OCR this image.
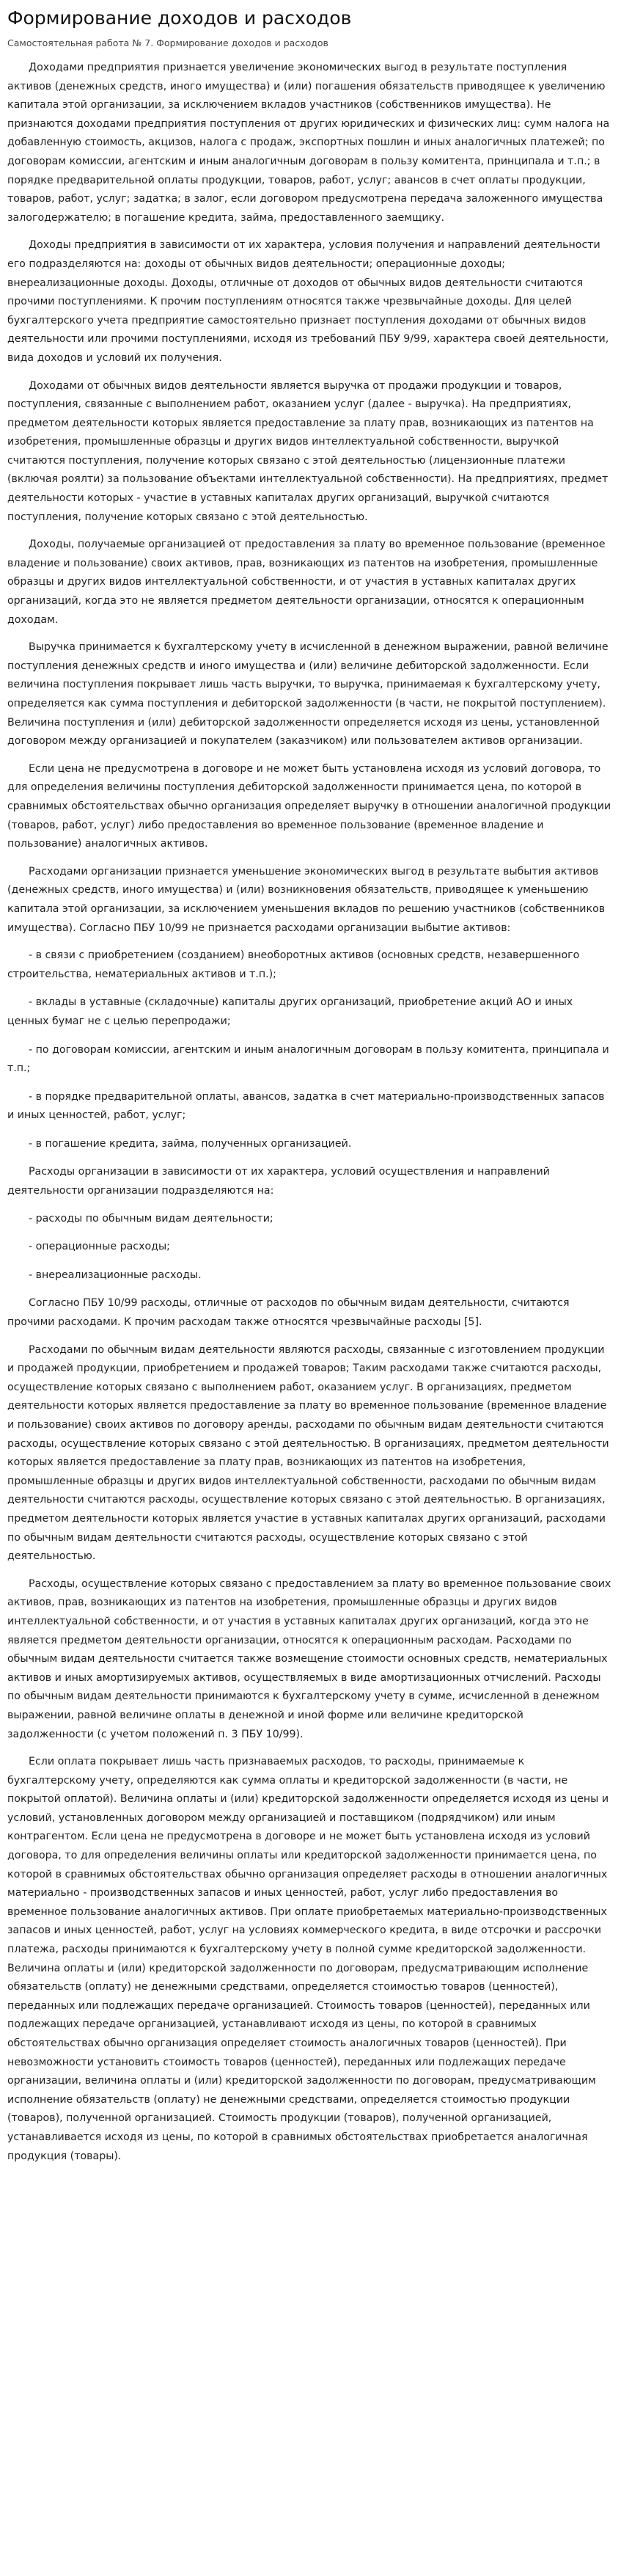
Формирование доходов и расходов
Самостоятельная работа № 7. Формирование доходов и расходов

Доходами предприятия признается увеличение экономических выгод в результате поступления активов (денежных средств, иного имущества) и (или) погашения обязательств приводящее к увеличению капитала этой организации, за исключением вкладов участников (собственников имущества). Не признаются доходами предприятия поступления от других юридических и физических лиц: сумм налога на добавленную стоимость, акцизов, налога с продаж, экспортных пошлин и иных аналогичных платежей; по договорам комиссии, агентским и иным аналогичным договорам в пользу комитента, принципала и т.п.; в порядке предварительной оплаты продукции, товаров, работ, услуг; авансов в счет оплаты продукции, товаров, работ, услуг; задатка; в залог, если договором предусмотрена передача заложенного имущества залогодержателю; в погашение кредита, займа, предоставленного заемщику.

Доходы предприятия в зависимости от их характера, условия получения и направлений деятельности его подразделяются на: доходы от обычных видов деятельности; операционные доходы; внереализационные доходы. Доходы, отличные от доходов от обычных видов деятельности считаются прочими поступлениями. К прочим поступлениям относятся также чрезвычайные доходы. Для целей бухгалтерского учета предприятие самостоятельно признает поступления доходами от обычных видов деятельности или прочими поступлениями, исходя из требований ПБУ 9/99, характера своей деятельности, вида доходов и условий их получения.

Доходами от обычных видов деятельности является выручка от продажи продукции и товаров, поступления, связанные с выполнением работ, оказанием услуг (далее - выручка). На предприятиях, предметом деятельности которых является предоставление за плату прав, возникающих из патентов на изобретения, промышленные образцы и других видов интеллектуальной собственности, выручкой считаются поступления, получение которых связано с этой деятельностью (лицензионные платежи (включая роялти) за пользование объектами интеллектуальной собственности). На предприятиях, предмет деятельности которых - участие в уставных капиталах других организаций, выручкой считаются поступления, получение которых связано с этой деятельностью.

Доходы, получаемые организацией от предоставления за плату во временное пользование (временное владение и пользование) своих активов, прав, возникающих из патентов на изобретения, промышленные образцы и других видов интеллектуальной собственности, и от участия в уставных капиталах других организаций, когда это не является предметом деятельности организации, относятся к операционным доходам.

Выручка принимается к бухгалтерскому учету в исчисленной в денежном выражении, равной величине поступления денежных средств и иного имущества и (или) величине дебиторской задолженности. Если величина поступления покрывает лишь часть выручки, то выручка, принимаемая к бухгалтерскому учету, определяется как сумма поступления и дебиторской задолженности (в части, не покрытой поступлением). Величина поступления и (или) дебиторской задолженности определяется исходя из цены, установленной договором между организацией и покупателем (заказчиком) или пользователем активов организации.

Если цена не предусмотрена в договоре и не может быть установлена исходя из условий договора, то для определения величины поступления дебиторской задолженности принимается цена, по которой в сравнимых обстоятельствах обычно организация определяет выручку в отношении аналогичной продукции (товаров, работ, услуг) либо предоставления во временное пользование (временное владение и пользование) аналогичных активов.

Расходами организации признается уменьшение экономических выгод в результате выбытия активов (денежных средств, иного имущества) и (или) возникновения обязательств, приводящее к уменьшению капитала этой организации, за исключением уменьшения вкладов по решению участников (собственников имущества). Согласно ПБУ 10/99 не признается расходами организации выбытие активов:

- в связи с приобретением (созданием) внеоборотных активов (основных средств, незавершенного строительства, нематериальных активов и т.п.);

- вклады в уставные (складочные) капиталы других организаций, приобретение акций АО и иных ценных бумаг не с целью перепродажи;

- по договорам комиссии, агентским и иным аналогичным договорам в пользу комитента, принципала и т.п.;

- в порядке предварительной оплаты, авансов, задатка в счет материально-производственных запасов и иных ценностей, работ, услуг;

- в погашение кредита, займа, полученных организацией.

Расходы организации в зависимости от их характера, условий осуществления и направлений деятельности организации подразделяются на:

- расходы по обычным видам деятельности;

- операционные расходы;

- внереализационные расходы.

Согласно ПБУ 10/99 расходы, отличные от расходов по обычным видам деятельности, считаются прочими расходами. К прочим расходам также относятся чрезвычайные расходы [5].

Расходами по обычным видам деятельности являются расходы, связанные с изготовлением продукции и продажей продукции, приобретением и продажей товаров; Таким расходами также считаются расходы, осуществление которых связано с выполнением работ, оказанием услуг. В организациях, предметом деятельности которых является предоставление за плату во временное пользование (временное владение и пользование) своих активов по договору аренды, расходами по обычным видам деятельности считаются расходы, осуществление которых связано с этой деятельностью. В организациях, предметом деятельности которых является предоставление за плату прав, возникающих из патентов на изобретения, промышленные образцы и других видов интеллектуальной собственности, расходами по обычным видам деятельности считаются расходы, осуществление которых связано с этой деятельностью. В организациях, предметом деятельности которых является участие в уставных капиталах других организаций, расходами по обычным видам деятельности считаются расходы, осуществление которых связано с этой деятельностью.

Расходы, осуществление которых связано с предоставлением за плату во временное пользование своих активов, прав, возникающих из патентов на изобретения, промышленные образцы и других видов интеллектуальной собственности, и от участия в уставных капиталах других организаций, когда это не является предметом деятельности организации, относятся к операционным расходам. Расходами по обычным видам деятельности считается также возмещение стоимости основных средств, нематериальных активов и иных амортизируемых активов, осуществляемых в виде амортизационных отчислений. Расходы по обычным видам деятельности принимаются к бухгалтерскому учету в сумме, исчисленной в денежном выражении, равной величине оплаты в денежной и иной форме или величине кредиторской задолженности (с учетом положений п. 3 ПБУ 10/99).

Если оплата покрывает лишь часть признаваемых расходов, то расходы, принимаемые к бухгалтерскому учету, определяются как сумма оплаты и кредиторской задолженности (в части, не покрытой оплатой). Величина оплаты и (или) кредиторской задолженности определяется исходя из цены и условий, установленных договором между организацией и поставщиком (подрядчиком) или иным контрагентом. Если цена не предусмотрена в договоре и не может быть установлена исходя из условий договора, то для определения величины оплаты или кредиторской задолженности принимается цена, по которой в сравнимых обстоятельствах обычно организация определяет расходы в отношении аналогичных материально - производственных запасов и иных ценностей, работ, услуг либо предоставления во временное пользование аналогичных активов. При оплате приобретаемых материально-производственных запасов и иных ценностей, работ, услуг на условиях коммерческого кредита, в виде отсрочки и рассрочки платежа, расходы принимаются к бухгалтерскому учету в полной сумме кредиторской задолженности. Величина оплаты и (или) кредиторской задолженности по договорам, предусматривающим исполнение обязательств (оплату) не денежными средствами, определяется стоимостью товаров (ценностей), переданных или подлежащих передаче организацией. Стоимость товаров (ценностей), переданных или подлежащих передаче организацией, устанавливают исходя из цены, по которой в сравнимых обстоятельствах обычно организация определяет стоимость аналогичных товаров (ценностей). При невозможности установить стоимость товаров (ценностей), переданных или подлежащих передаче организации, величина оплаты и (или) кредиторской задолженности по договорам, предусматривающим исполнение обязательств (оплату) не денежными средствами, определяется стоимостью продукции (товаров), полученной организацией. Стоимость продукции (товаров), полученной организацией, устанавливается исходя из цены, по которой в сравнимых обстоятельствах приобретается аналогичная продукция (товары).
